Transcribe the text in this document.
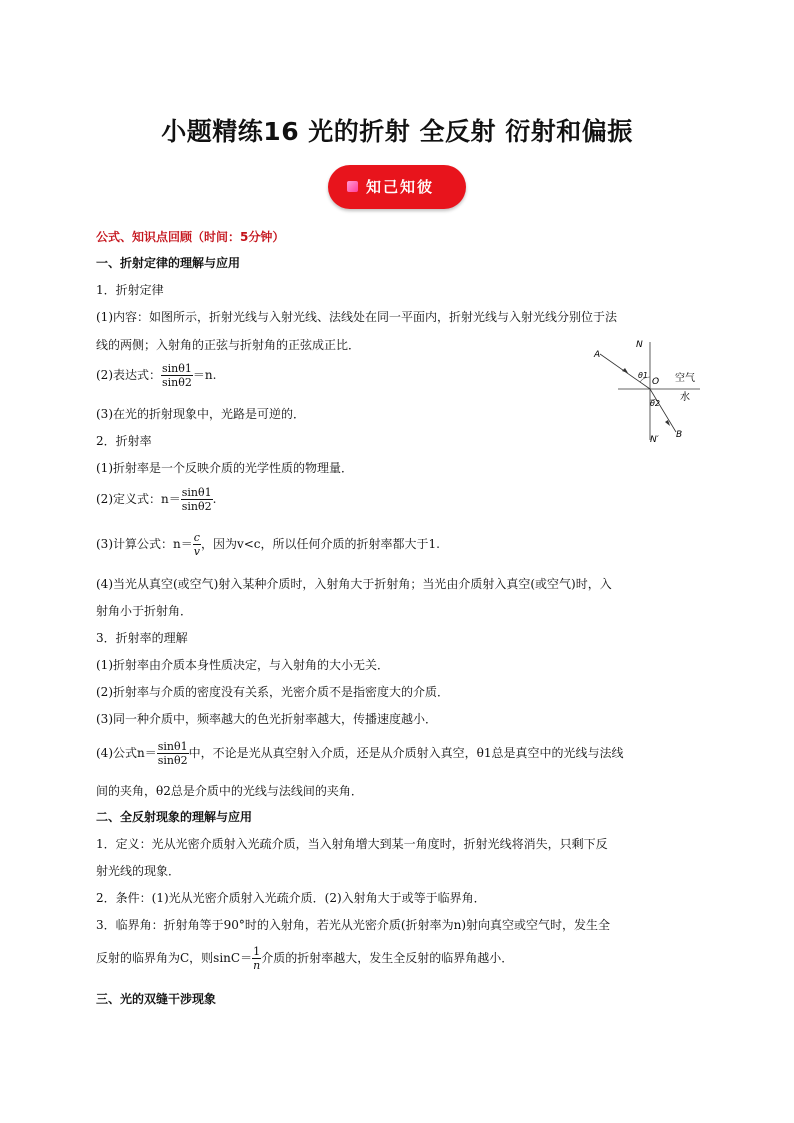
小题精练16 光的折射 全反射 衍射和偏振
知己知彼
公式、知识点回顾（时间：5分钟）
一、折射定律的理解与应用
1．折射定律
(1)内容：如图所示，折射光线与入射光线、法线处在同一平面内，折射光线与入射光线分别位于法
线的两侧；入射角的正弦与折射角的正弦成正比．
(2)表达式： $\frac{\sin\theta 1}{\sin\theta 2} =n$.
(3)在光的折射现象中，光路是可逆的．
2．折射率
(1)折射率是一个反映介质的光学性质的物理量．
(2)定义式：$n= \frac{\sin\theta 1}{\sin\theta 2}$ .
(3)计算公式：$n= \frac{c}{v}$ ，因为v<c，所以任何介质的折射率都大于1.
(4)当光从真空(或空气)射入某种介质时，入射角大于折射角；当光由介质射入真空(或空气)时，入
射角小于折射角．
3．折射率的理解
(1)折射率由介质本身性质决定，与入射角的大小无关．
(2)折射率与介质的密度没有关系，光密介质不是指密度大的介质．
(3)同一种介质中，频率越大的色光折射率越大，传播速度越小．
(4)公式$n= \frac{\sin\theta 1}{\sin\theta 2}$ 中，不论是光从真空射入介质，还是从介质射入真空，θ1总是真空中的光线与法线
间的夹角，θ2总是介质中的光线与法线间的夹角．
A
N
θ1
O 空气
θ2
水
N′ B
二、全反射现象的理解与应用
1．定义：光从光密介质射入光疏介质，当入射角增大到某一角度时，折射光线将消失，只剩下反
射光线的现象．
2．条件：(1)光从光密介质射入光疏介质．(2)入射角大于或等于临界角．
3．临界角：折射角等于90°时的入射角，若光从光密介质(折射率为n)射向真空或空气时，发生全
反射的临界角为C，则$\sin C= \frac{1}{n}$ 介质的折射率越大，发生全反射的临界角越小．
三、光的双缝干涉现象
